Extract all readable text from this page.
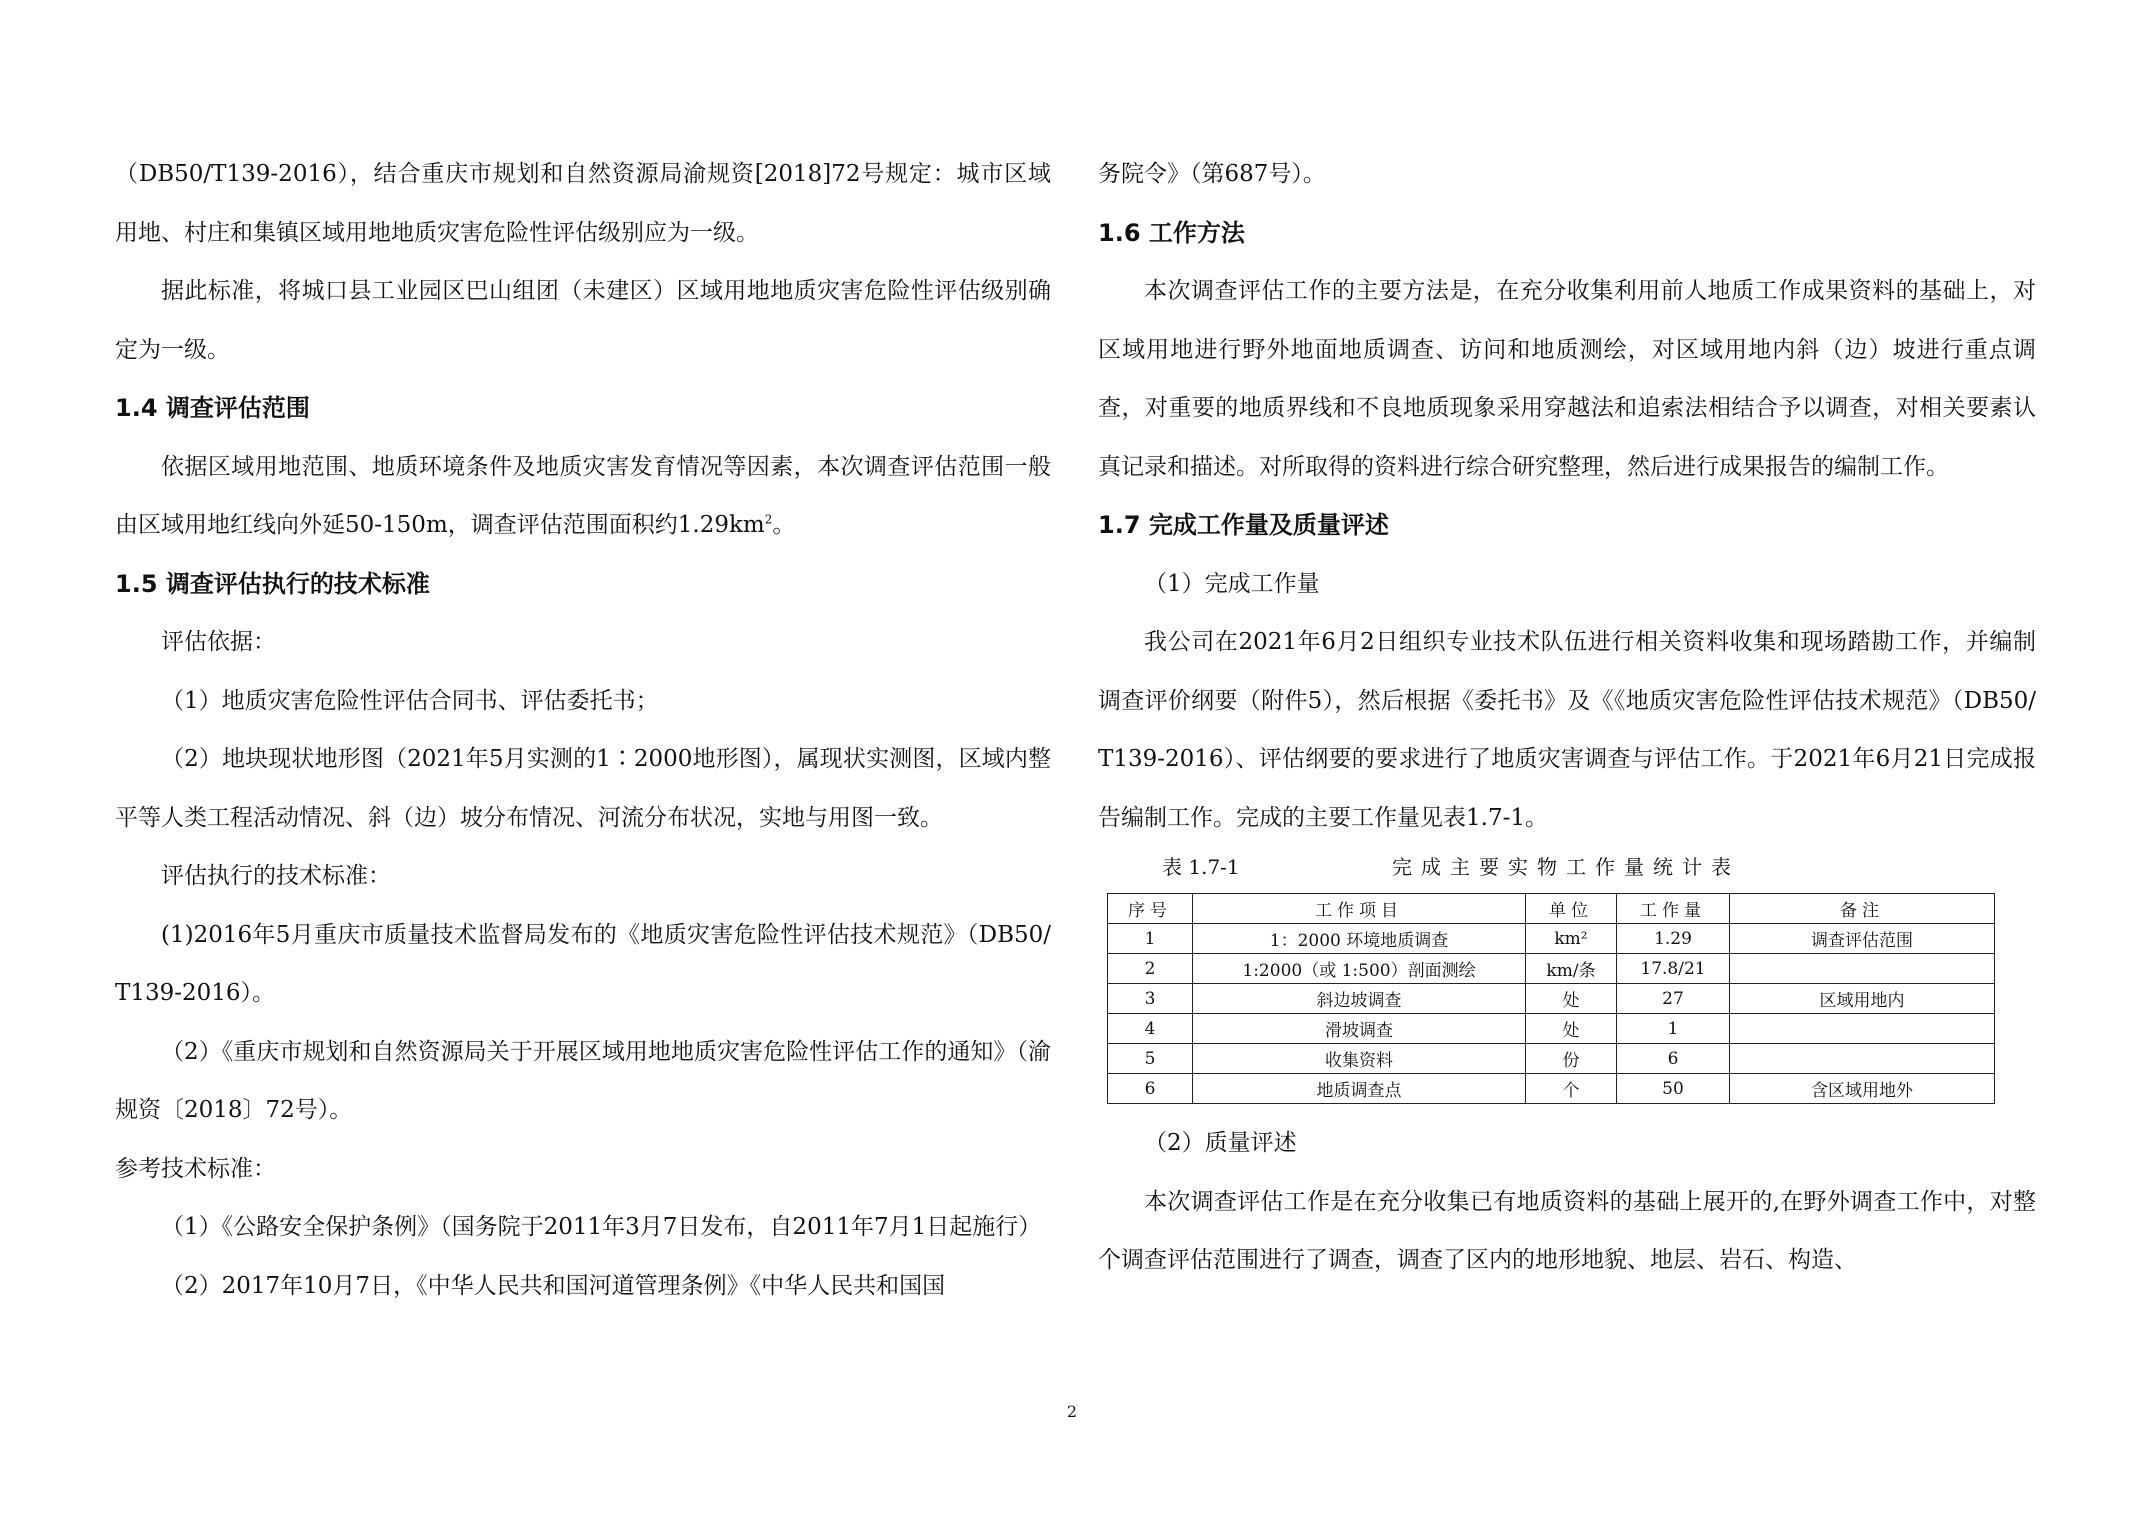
（DB50/T139-2016），结合重庆市规划和自然资源局渝规资[2018]72号规定：城市区域用地、村庄和集镇区域用地地质灾害危险性评估级别应为一级。

据此标准，将城口县工业园区巴山组团（未建区）区域用地地质灾害危险性评估级别确定为一级。

1.4 调查评估范围

依据区域用地范围、地质环境条件及地质灾害发育情况等因素，本次调查评估范围一般由区域用地红线向外延50-150m，调查评估范围面积约$1.29km^2$。

1.5 调查评估执行的技术标准

评估依据：

（1）地质灾害危险性评估合同书、评估委托书；

（2）地块现状地形图（2021年5月实测的1∶2000地形图），属现状实测图，区域内整平等人类工程活动情况、斜（边）坡分布情况、河流分布状况，实地与用图一致。

评估执行的技术标准：

(1)2016年5月重庆市质量技术监督局发布的《地质灾害危险性评估技术规范》（DB50/T139-2016）。

（2）《重庆市规划和自然资源局关于开展区域用地地质灾害危险性评估工作的通知》（渝规资〔2018〕72号）。

参考技术标准：

（1）《公路安全保护条例》（国务院于2011年3月7日发布，自2011年7月1日起施行）

（2）2017年10月7日，《中华人民共和国河道管理条例》《中华人民共和国国

务院令》（第687号）。

1.6 工作方法

本次调查评估工作的主要方法是，在充分收集利用前人地质工作成果资料的基础上，对区域用地进行野外地面地质调查、访问和地质测绘，对区域用地内斜（边）坡进行重点调查，对重要的地质界线和不良地质现象采用穿越法和追索法相结合予以调查，对相关要素认真记录和描述。对所取得的资料进行综合研究整理，然后进行成果报告的编制工作。

1.7 完成工作量及质量评述

（1）完成工作量

我公司在2021年6月2日组织专业技术队伍进行相关资料收集和现场踏勘工作，并编制调查评价纲要（附件5），然后根据《委托书》及《《地质灾害危险性评估技术规范》（DB50/T139-2016）、评估纲要的要求进行了地质灾害调查与评估工作。于2021年6月21日完成报告编制工作。完成的主要工作量见表1.7-1。

表 1.7-1	完成主要实物工作量统计表
序号	工作项目	单位	工作量	备注
1	1：2000 环境地质调查	km²	1.29	调查评估范围
2	1:2000（或 1:500）剖面测绘	km/条	17.8/21	
3	斜边坡调查	处	27	区域用地内
4	滑坡调查	处	1	
5	收集资料	份	6	
6	地质调查点	个	50	含区域用地外

（2）质量评述

本次调查评估工作是在充分收集已有地质资料的基础上展开的,在野外调查工作中，对整个调查评估范围进行了调查，调查了区内的地形地貌、地层、岩石、构造、

2
